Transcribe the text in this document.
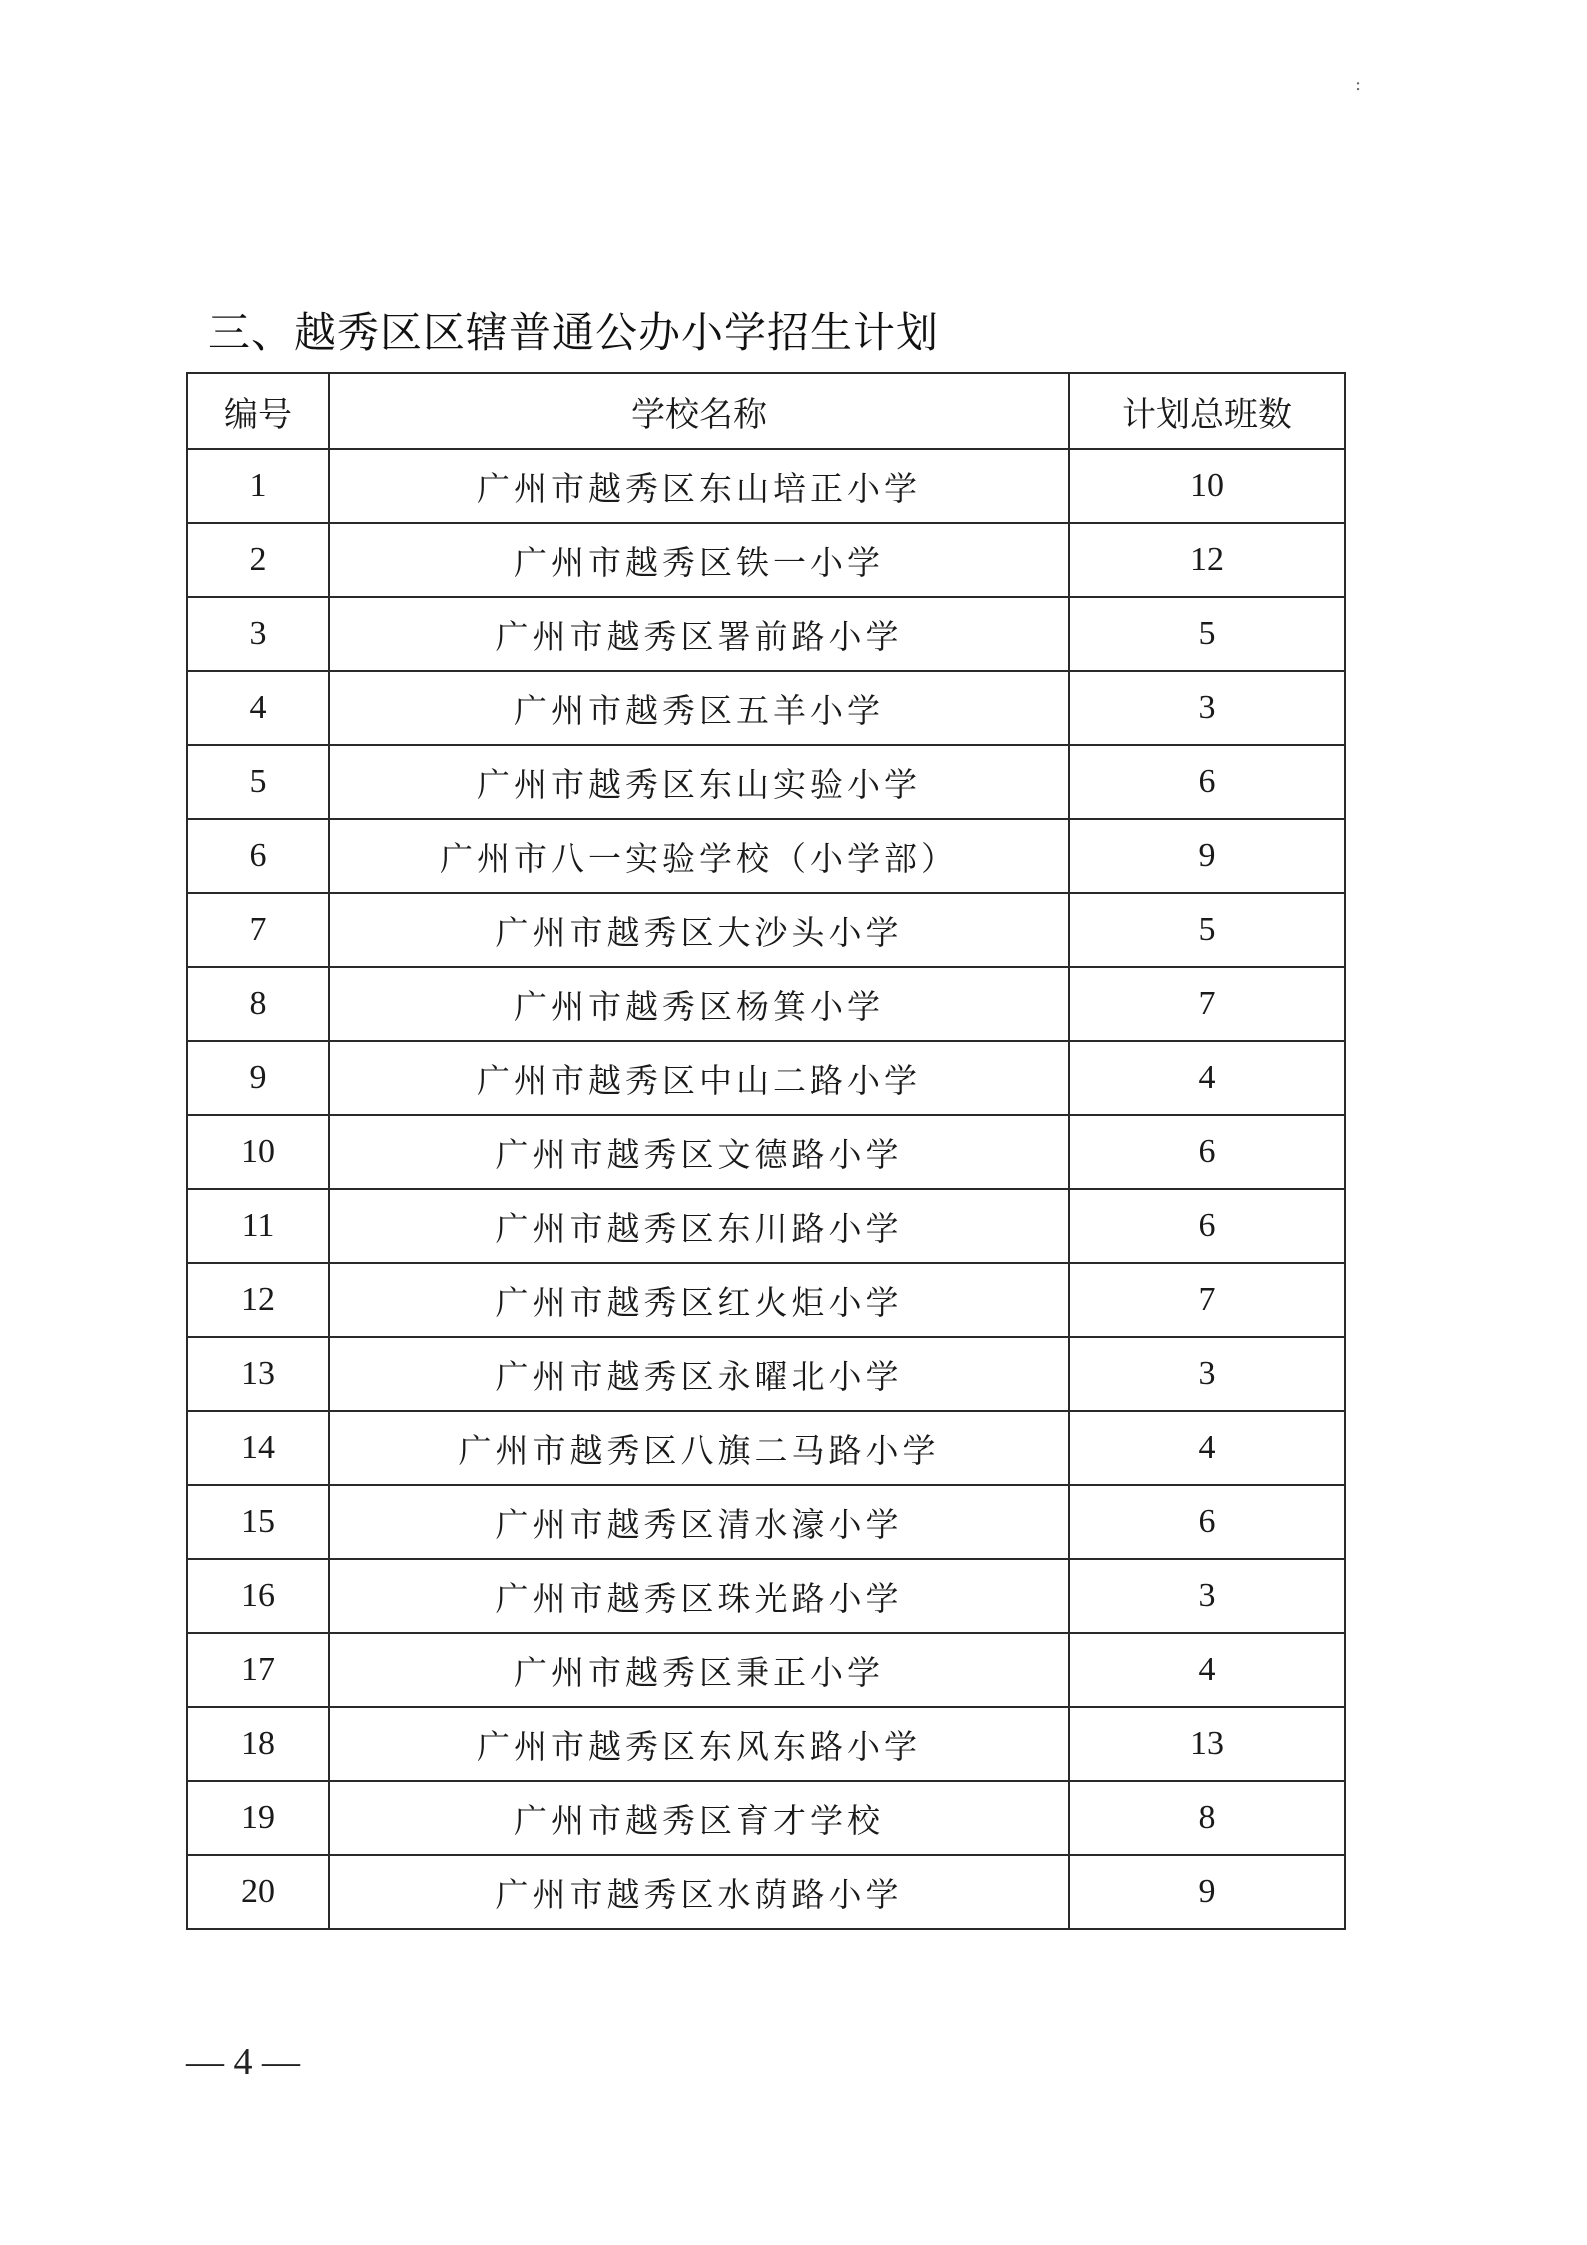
:
三、越秀区区辖普通公办小学招生计划
编号	学校名称	计划总班数
1	广州市越秀区东山培正小学	10
2	广州市越秀区铁一小学	12
3	广州市越秀区署前路小学	5
4	广州市越秀区五羊小学	3
5	广州市越秀区东山实验小学	6
6	广州市八一实验学校（小学部）	9
7	广州市越秀区大沙头小学	5
8	广州市越秀区杨箕小学	7
9	广州市越秀区中山二路小学	4
10	广州市越秀区文德路小学	6
11	广州市越秀区东川路小学	6
12	广州市越秀区红火炬小学	7
13	广州市越秀区永曜北小学	3
14	广州市越秀区八旗二马路小学	4
15	广州市越秀区清水濠小学	6
16	广州市越秀区珠光路小学	3
17	广州市越秀区秉正小学	4
18	广州市越秀区东风东路小学	13
19	广州市越秀区育才学校	8
20	广州市越秀区水荫路小学	9
— 4 —
